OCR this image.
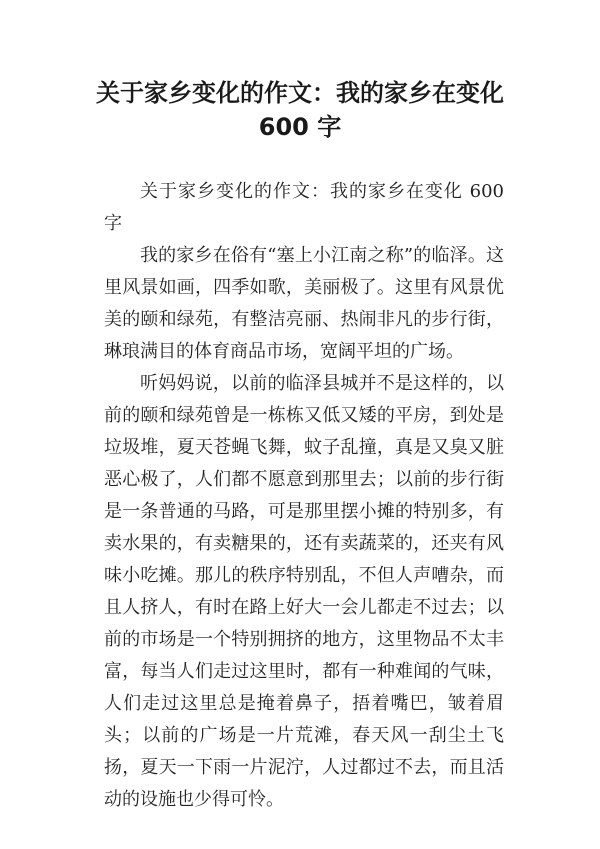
关于家乡变化的作文：我的家乡在变化 600 字

关于家乡变化的作文：我的家乡在变化 600 字

我的家乡在俗有“塞上小江南之称”的临泽。这里风景如画，四季如歌，美丽极了。这里有风景优美的颐和绿苑，有整洁亮丽、热闹非凡的步行街，琳琅满目的体育商品市场，宽阔平坦的广场。

听妈妈说，以前的临泽县城并不是这样的，以前的颐和绿苑曾是一栋栋又低又矮的平房，到处是垃圾堆，夏天苍蝇飞舞，蚊子乱撞，真是又臭又脏恶心极了，人们都不愿意到那里去；以前的步行街是一条普通的马路，可是那里摆小摊的特别多，有卖水果的，有卖糖果的，还有卖蔬菜的，还夹有风味小吃摊。那儿的秩序特别乱，不但人声嘈杂，而且人挤人，有时在路上好大一会儿都走不过去；以前的市场是一个特别拥挤的地方，这里物品不太丰富，每当人们走过这里时，都有一种难闻的气味，人们走过这里总是掩着鼻子，捂着嘴巴，皱着眉头；以前的广场是一片荒滩，春天风一刮尘土飞扬，夏天一下雨一片泥泞，人过都过不去，而且活动的设施也少得可怜。
